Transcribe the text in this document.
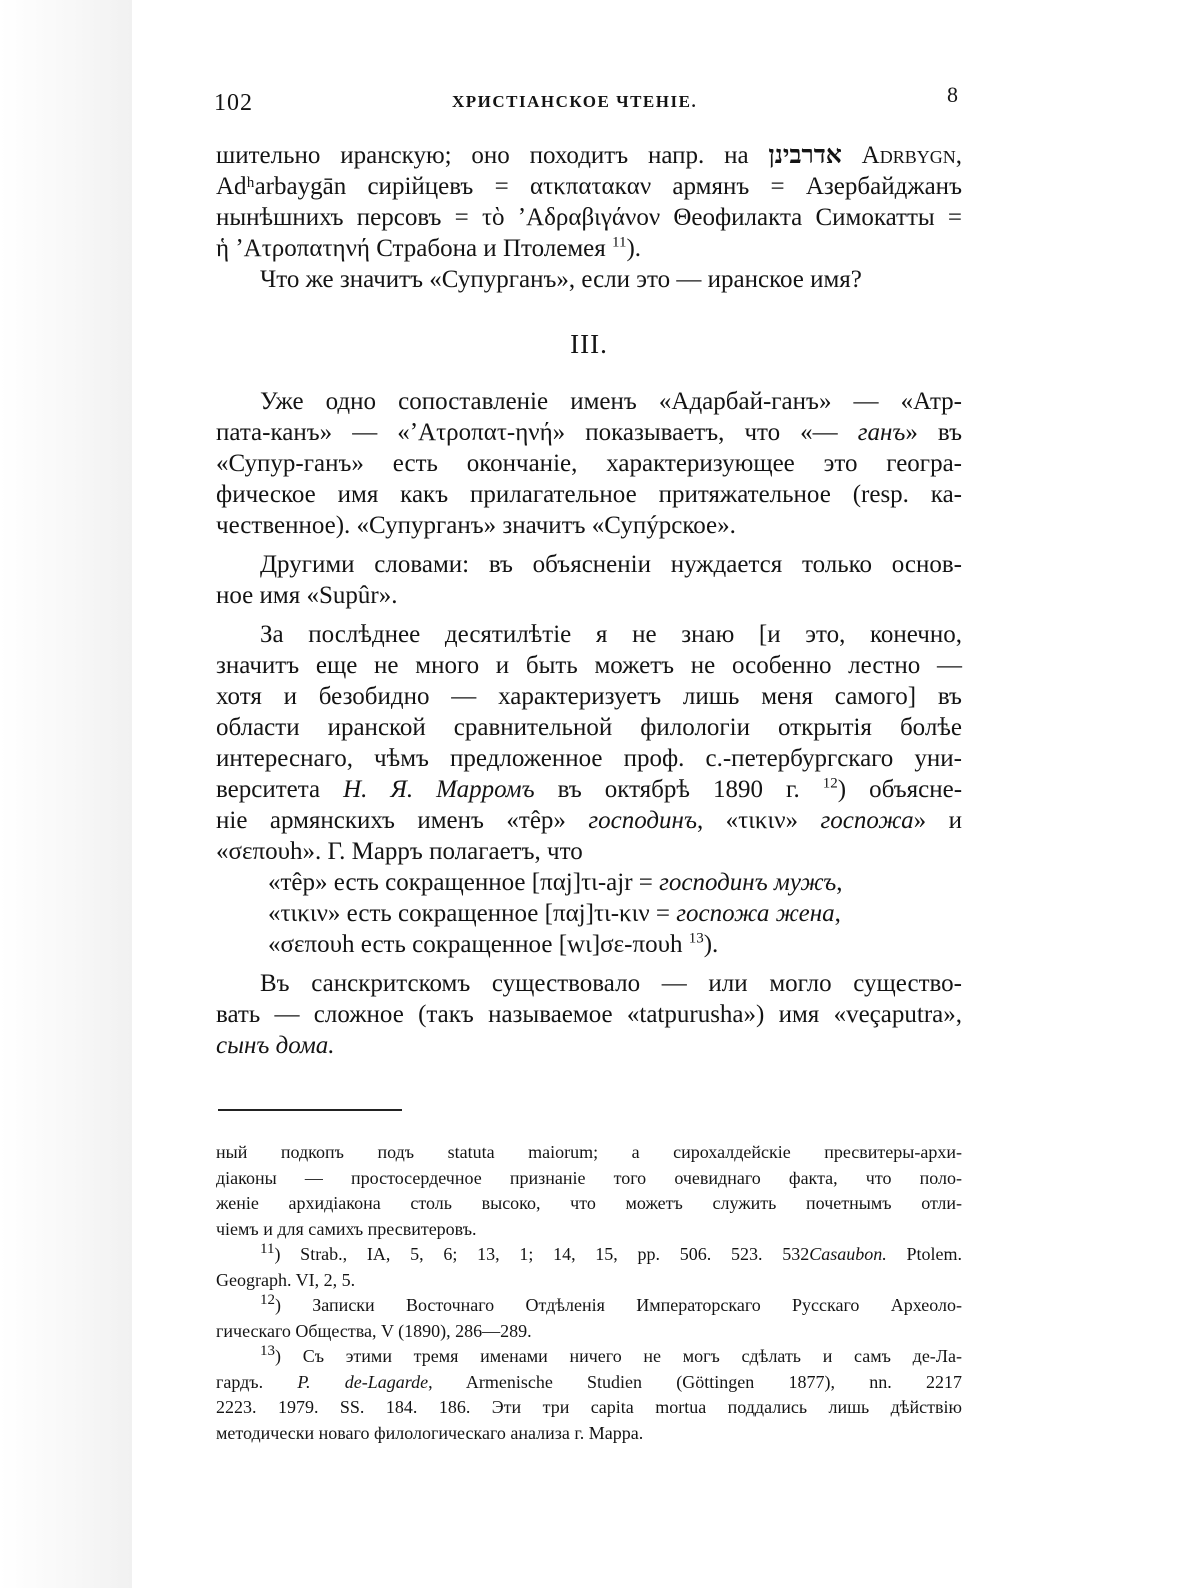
102	ХРИСТІАНСКОЕ ЧТЕНІЕ.	8
шительно иранскую; оно походитъ напр. на אדרבינן Adrbygn,
Adʰarbaygān сирійцевъ = ατκπαταкαν армянъ = Азербайджанъ
нынѣшнихъ персовъ = τὸ ʼΑδραβιγάνον Θеофилакта Симокатты =
ἡ ʼΑτροπατηνή Страбона и Птолемея $^{11}$).
Что же значитъ «Супурганъ», если это — иранское имя?
III.
Уже одно сопоставленіе именъ «Адарбай-ганъ» — «Атр-
пата-канъ» — «ʼΑτροπατ-ηνή» показываетъ, что «— ганъ» въ
«Супур-ганъ» есть окончаніе, характеризующее это геогра-
фическое имя какъ прилагательное притяжательное (resp. ка-
чественное). «Супурганъ» значитъ «Супýрское».
Другими словами: въ объясненіи нуждается только основ-
ное имя «Supûr».
За послѣднее десятилѣтіе я не знаю [и это, конечно,
значитъ еще не много и быть можетъ не особенно лестно —
хотя и безобидно — характеризуетъ лишь меня самого] въ
области иранской сравнительной филологіи открытія болѣе
интереснаго, чѣмъ предложенное проф. с.-петербургскаго уни-
верситета Н. Я. Марромъ въ октябрѣ 1890 г. $^{12}$) объясне-
ніе армянскихъ именъ «тêр» господинъ, «τικιν» госпожа» и
«σεπουh». Г. Марръ полагаетъ, что
«тêр» есть сокращенное [παj]τι-ajr = господинъ мужъ,
«τικιν» есть сокращенное [παj]τι-κιν = госпожа жена,
«σεπουh есть сокращенное [wι]σε-πουh $^{13}$).
Въ санскритскомъ существовало — или могло существо-
вать — сложное (такъ называемое «tatpurusha») имя «veçaputra»,
сынъ дома.
ный подкопъ подъ statuta maiorum; а сирохалдейскіе пресвитеры-архи-
діаконы — простосердечное признаніе того очевиднаго факта, что поло-
женіе архидіакона столь высоко, что можетъ служить почетнымъ отли-
чіемъ и для самихъ пресвитеровъ.
$^{11}$) Strab., IA, 5, 6; 13, 1; 14, 15, pp. 506. 523. 532Casaubon. Ptolem.
Geograph. VI, 2, 5.
$^{12}$) Записки Восточнаго Отдѣленія Императорскаго Русскаго Археоло-
гическаго Общества, V (1890), 286—289.
$^{13}$) Съ этими тремя именами ничего не могъ сдѣлать и самъ де-Ла-
гардъ. P. de-Lagarde, Armenische Studien (Göttingen 1877), nn. 2217
2223. 1979. SS. 184. 186. Эти три capita mortua поддались лишь дѣйствію
методически новаго филологическаго анализа г. Марра.
